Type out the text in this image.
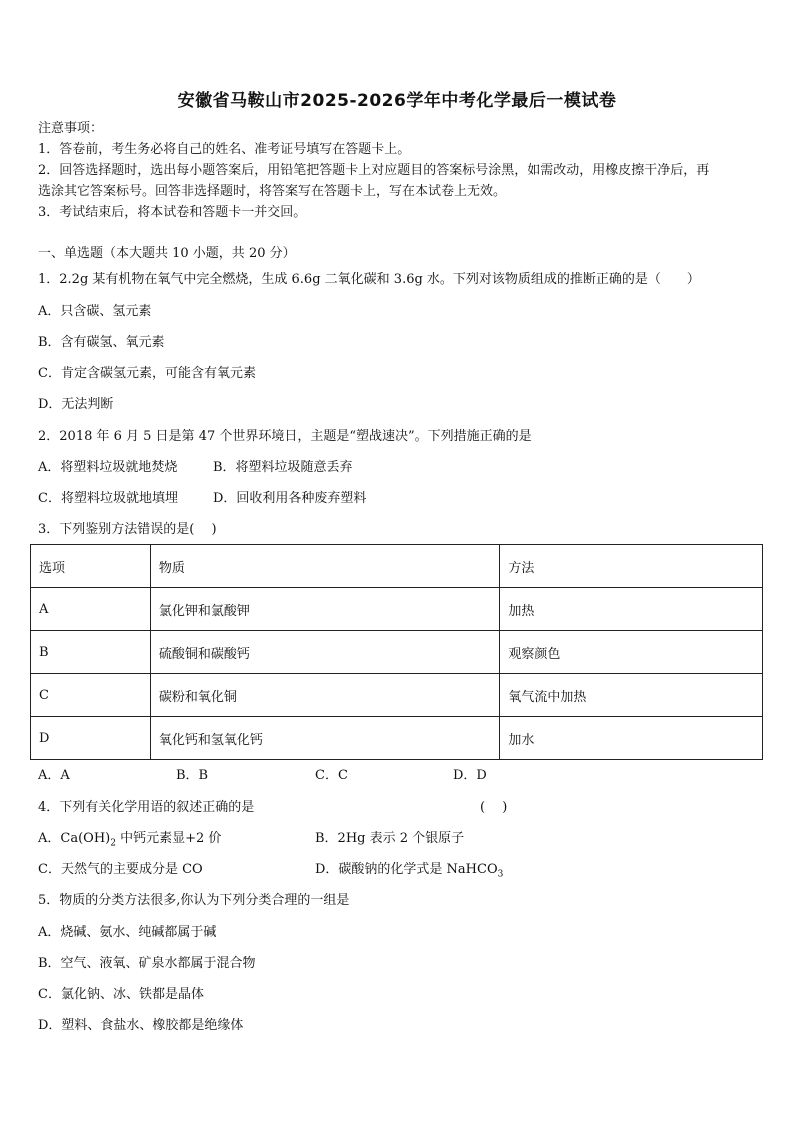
安徽省马鞍山市2025-2026学年中考化学最后一模试卷
注意事项：
1．答卷前，考生务必将自己的姓名、准考证号填写在答题卡上。
2．回答选择题时，选出每小题答案后，用铅笔把答题卡上对应题目的答案标号涂黑，如需改动，用橡皮擦干净后，再
选涂其它答案标号。回答非选择题时，将答案写在答题卡上，写在本试卷上无效。
3．考试结束后，将本试卷和答题卡一并交回。
一、单选题（本大题共 10 小题，共 20 分）
1．2.2g 某有机物在氧气中完全燃烧，生成 6.6g 二氧化碳和 3.6g 水。下列对该物质组成的推断正确的是（　　）
A．只含碳、氢元素
B．含有碳氢、氧元素
C．肯定含碳氢元素，可能含有氧元素
D．无法判断
2．2018 年 6 月 5 日是第 47 个世界环境日，主题是“塑战速决”。下列措施正确的是
A．将塑料垃圾就地焚烧	B．将塑料垃圾随意丢弃
C．将塑料垃圾就地填埋	D．回收利用各种废弃塑料
3．下列鉴别方法错误的是(　 )
选项	物质	方法
A	氯化钾和氯酸钾	加热
B	硫酸铜和碳酸钙	观察颜色
C	碳粉和氧化铜	氧气流中加热
D	氧化钙和氢氧化钙	加水
A．A	B．B	C．C	D．D
4．下列有关化学用语的叙述正确的是	(　 )
A．$Ca(OH)_2$ 中钙元素显+2 价	B．2Hg 表示 2 个银原子
C．天然气的主要成分是 CO	D．碳酸钠的化学式是 NaHCO$_3$
5．物质的分类方法很多,你认为下列分类合理的一组是
A．烧碱、氨水、纯碱都属于碱
B．空气、液氧、矿泉水都属于混合物
C．氯化钠、冰、铁都是晶体
D．塑料、食盐水、橡胶都是绝缘体
